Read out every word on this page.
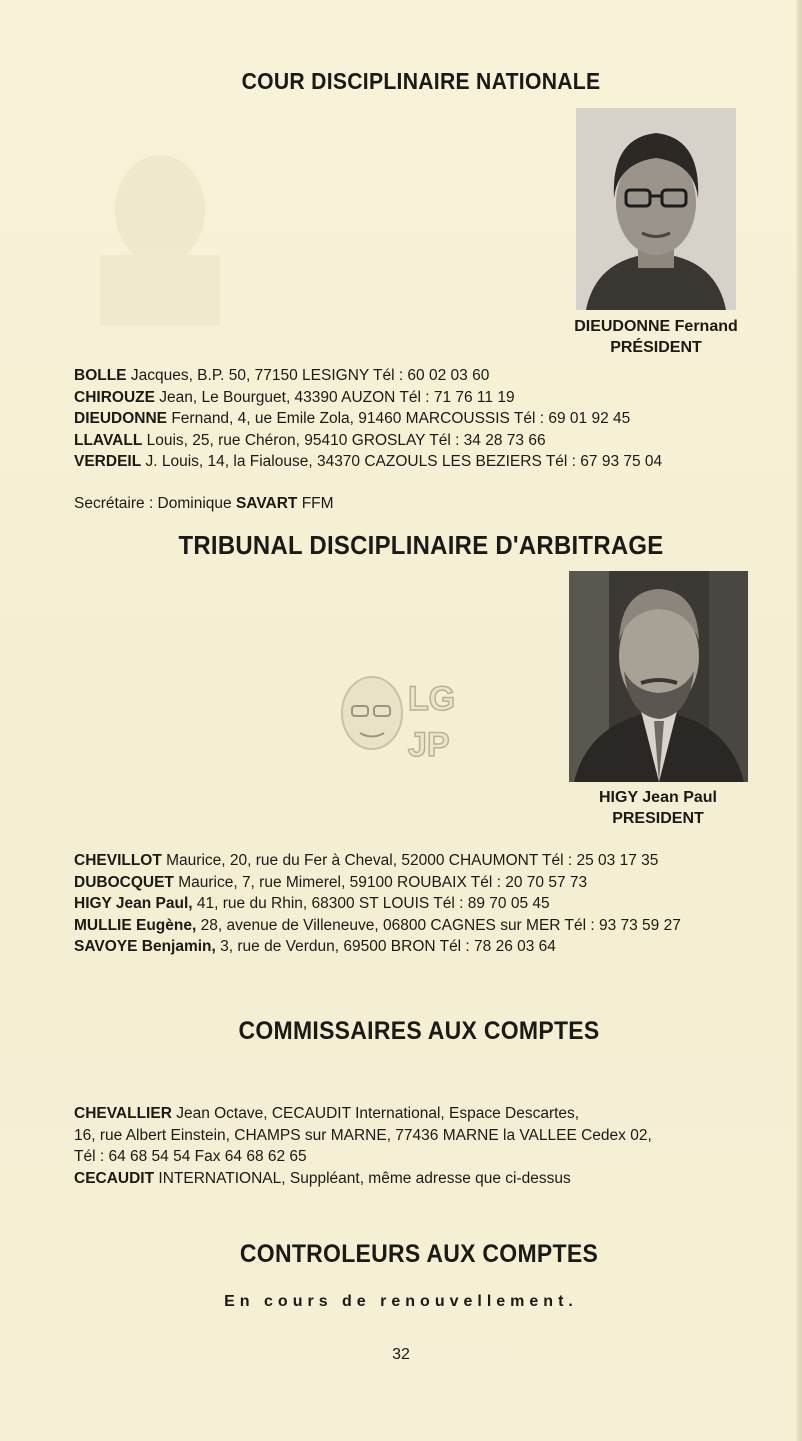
COUR DISCIPLINAIRE NATIONALE
DIEUDONNE Fernand
PRÉSIDENT
BOLLE Jacques, B.P. 50, 77150 LESIGNY Tél : 60 02 03 60
CHIROUZE Jean, Le Bourguet, 43390 AUZON Tél : 71 76 11 19
DIEUDONNE Fernand, 4, ue Emile Zola, 91460 MARCOUSSIS Tél : 69 01 92 45
LLAVALL Louis, 25, rue Chéron, 95410 GROSLAY Tél : 34 28 73 66
VERDEIL J. Louis, 14, la Fialouse, 34370 CAZOULS LES BEZIERS Tél : 67 93 75 04
Secrétaire : Dominique SAVART FFM
TRIBUNAL DISCIPLINAIRE D'ARBITRAGE
HIGY Jean Paul
PRESIDENT
LG
JP
CHEVILLOT Maurice, 20, rue du Fer à Cheval, 52000 CHAUMONT Tél : 25 03 17 35
DUBOCQUET Maurice, 7, rue Mimerel, 59100 ROUBAIX Tél : 20 70 57 73
HIGY Jean Paul, 41, rue du Rhin, 68300 ST LOUIS Tél : 89 70 05 45
MULLIE Eugène, 28, avenue de Villeneuve, 06800 CAGNES sur MER Tél : 93 73 59 27
SAVOYE Benjamin, 3, rue de Verdun, 69500 BRON Tél : 78 26 03 64
COMMISSAIRES AUX COMPTES
CHEVALLIER Jean Octave, CECAUDIT International, Espace Descartes,
16, rue Albert Einstein, CHAMPS sur MARNE, 77436 MARNE la VALLEE Cedex 02,
Tél : 64 68 54 54 Fax 64 68 62 65
CECAUDIT INTERNATIONAL, Suppléant, même adresse que ci-dessus
CONTROLEURS AUX COMPTES
En cours de renouvellement.
32
